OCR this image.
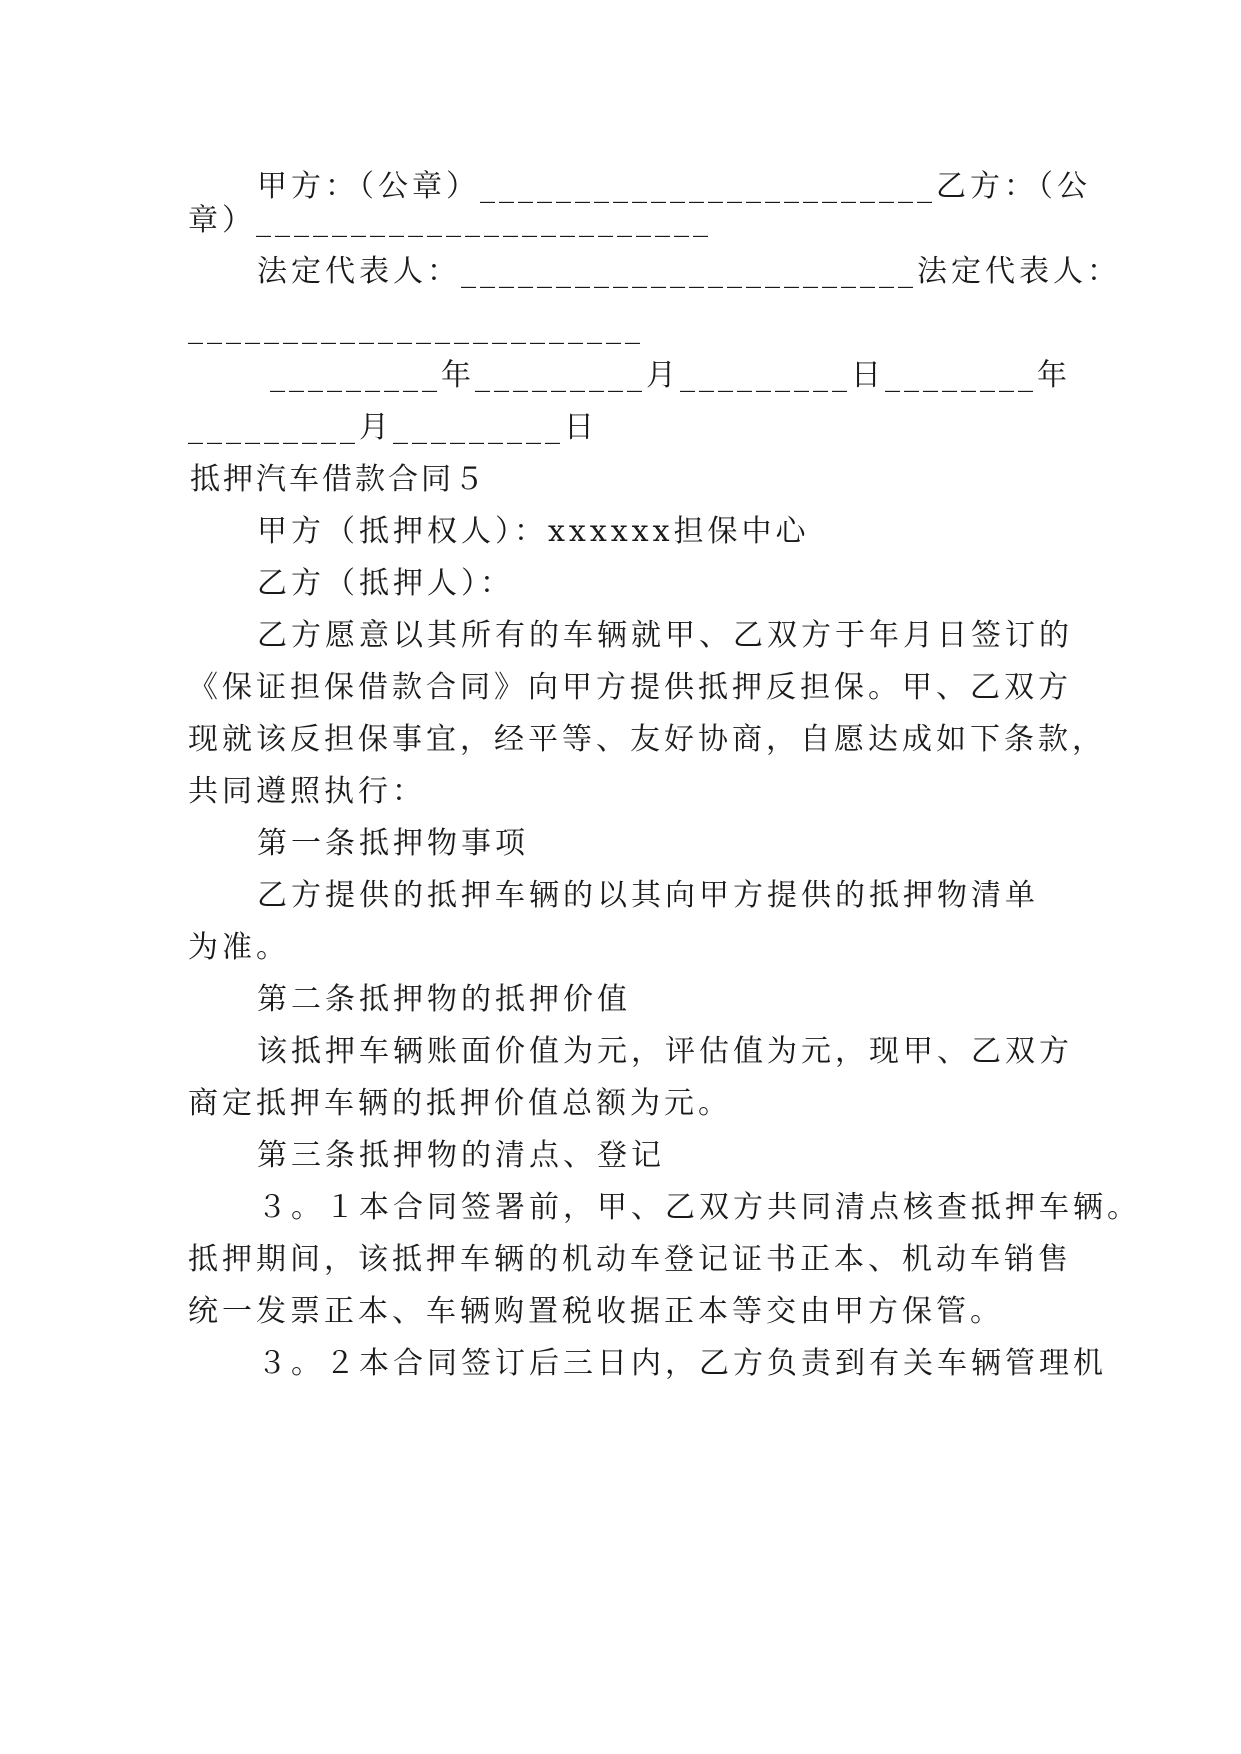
甲方：（公章）________________________乙方：（公
章）________________________
法定代表人：________________________法定代表人：
________________________
_________年_________月_________日________年
_________月_________日
抵押汽车借款合同５
甲方（抵押权人）：xxxxxx担保中心
乙方（抵押人）：
乙方愿意以其所有的车辆就甲、乙双方于年月日签订的
《保证担保借款合同》向甲方提供抵押反担保。甲、乙双方
现就该反担保事宜，经平等、友好协商，自愿达成如下条款，
共同遵照执行：
第一条抵押物事项
乙方提供的抵押车辆的以其向甲方提供的抵押物清单
为准。
第二条抵押物的抵押价值
该抵押车辆账面价值为元，评估值为元，现甲、乙双方
商定抵押车辆的抵押价值总额为元。
第三条抵押物的清点、登记
３。１本合同签署前，甲、乙双方共同清点核查抵押车辆。
抵押期间，该抵押车辆的机动车登记证书正本、机动车销售
统一发票正本、车辆购置税收据正本等交由甲方保管。
３。２本合同签订后三日内，乙方负责到有关车辆管理机
